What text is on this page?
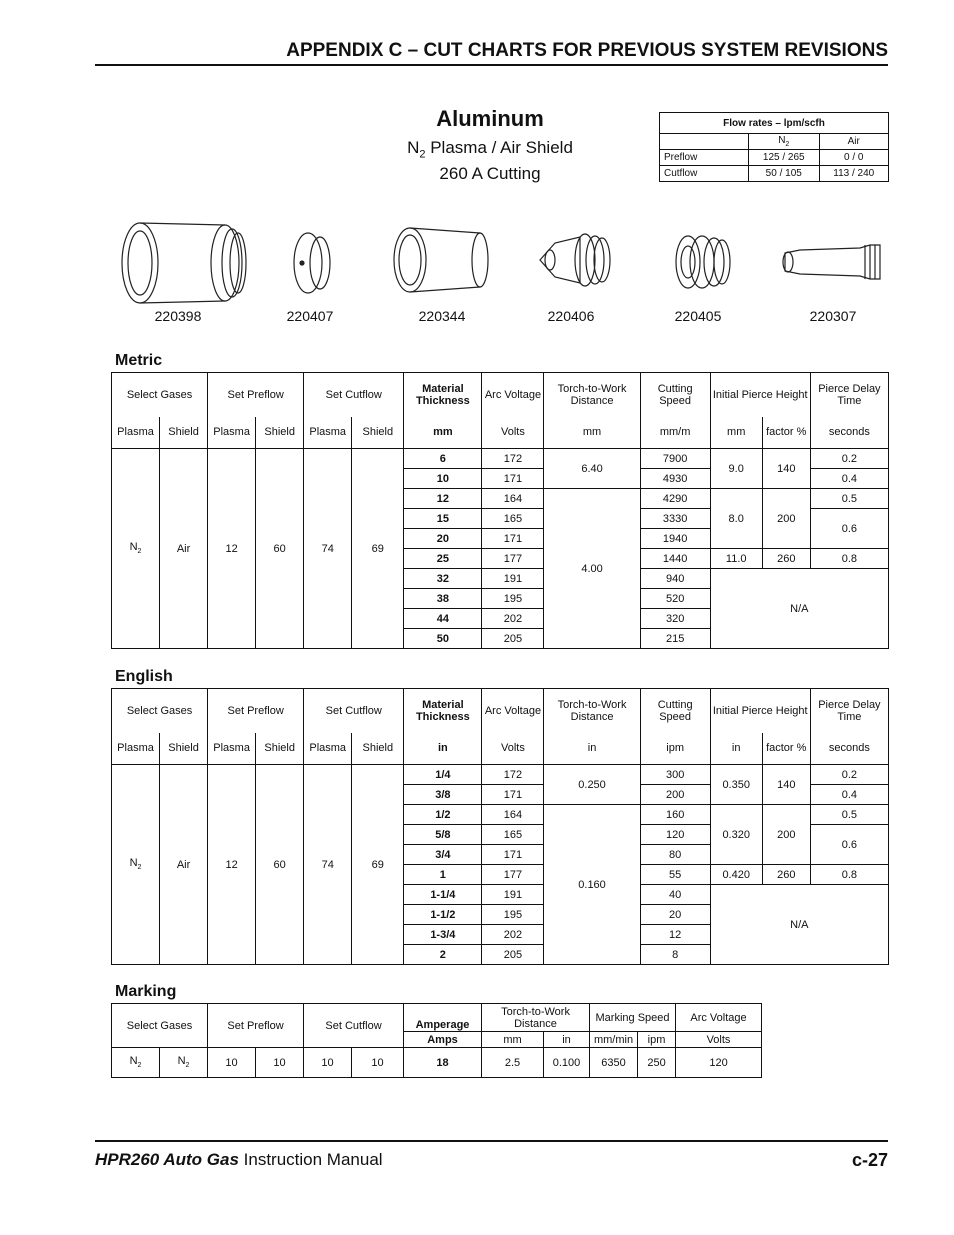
APPENDIX C – CUT CHARTS FOR PREVIOUS SYSTEM REVISIONS
Aluminum
$N_2$ Plasma / Air Shield
260 A Cutting
Flow rates – lpm/scfh		
	$N_2$	Air
Preflow	125 / 265	0 / 0
Cutflow	50 / 105	113 / 240
220398	220407	220344	220406	220405	220307
Metric
Select Gases		Set Preflow		Set Cutflow		Material Thickness	Arc Voltage	Torch-to-Work Distance	Cutting Speed	Initial Pierce Height		Pierce Delay Time
Plasma	Shield	Plasma	Shield	Plasma	Shield	mm	Volts	mm	mm/m	mm	factor %	seconds
$N_2$	Air	12	60	74	69	6	172	6.40	7900	9.0	140	0.2
						10	171		4930			0.4
						12	164	4.00	4290	8.0	200	0.5
						15	165		3330			0.6
						20	171		1940			
						25	177		1440	11.0	260	0.8
						32	191		940	N/A		
						38	195		520			
						44	202		320			
						50	205		215			
English
Select Gases		Set Preflow		Set Cutflow		Material Thickness	Arc Voltage	Torch-to-Work Distance	Cutting Speed	Initial Pierce Height		Pierce Delay Time
Plasma	Shield	Plasma	Shield	Plasma	Shield	in	Volts	in	ipm	in	factor %	seconds
$N_2$	Air	12	60	74	69	1/4	172	0.250	300	0.350	140	0.2
						3/8	171		200			0.4
						1/2	164	0.160	160	0.320	200	0.5
						5/8	165		120			0.6
						3/4	171		80			
						1	177		55	0.420	260	0.8
						1-1/4	191		40	N/A		
						1-1/2	195		20			
						1-3/4	202		12			
						2	205		8			
Marking
Select Gases		Set Preflow		Set Cutflow		Amperage	Torch-to-Work Distance		Marking Speed		Arc Voltage
						Amps	mm	in	mm/min	ipm	Volts
$N_2$	$N_2$	10	10	10	10	18	2.5	0.100	6350	250	120
HPR260 Auto Gas Instruction Manual	c-27
